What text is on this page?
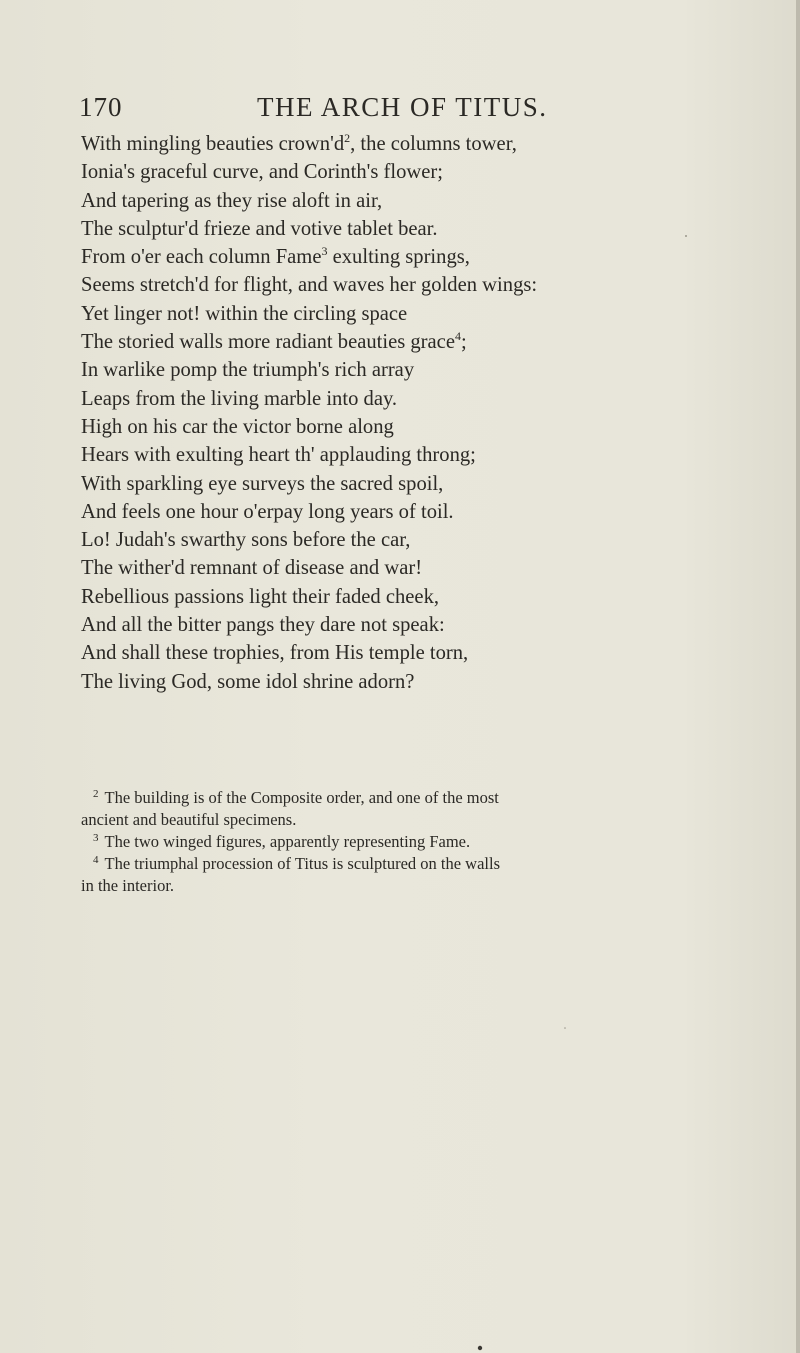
170	THE ARCH OF TITUS.
With mingling beauties crown'd$^2$, the columns tower,
Ionia's graceful curve, and Corinth's flower;
And tapering as they rise aloft in air,
The sculptur'd frieze and votive tablet bear.
From o'er each column Fame$^3$ exulting springs,
Seems stretch'd for flight, and waves her golden wings:
Yet linger not! within the circling space
The storied walls more radiant beauties grace$^4$;
In warlike pomp the triumph's rich array
Leaps from the living marble into day.
High on his car the victor borne along
Hears with exulting heart th' applauding throng;
With sparkling eye surveys the sacred spoil,
And feels one hour o'erpay long years of toil.
Lo! Judah's swarthy sons before the car,
The wither'd remnant of disease and war!
Rebellious passions light their faded cheek,
And all the bitter pangs they dare not speak:
And shall these trophies, from His temple torn,
The living God, some idol shrine adorn?
$^2$ The building is of the Composite order, and one of the most
ancient and beautiful specimens.
$^3$ The two winged figures, apparently representing Fame.
$^4$ The triumphal procession of Titus is sculptured on the walls
in the interior.
